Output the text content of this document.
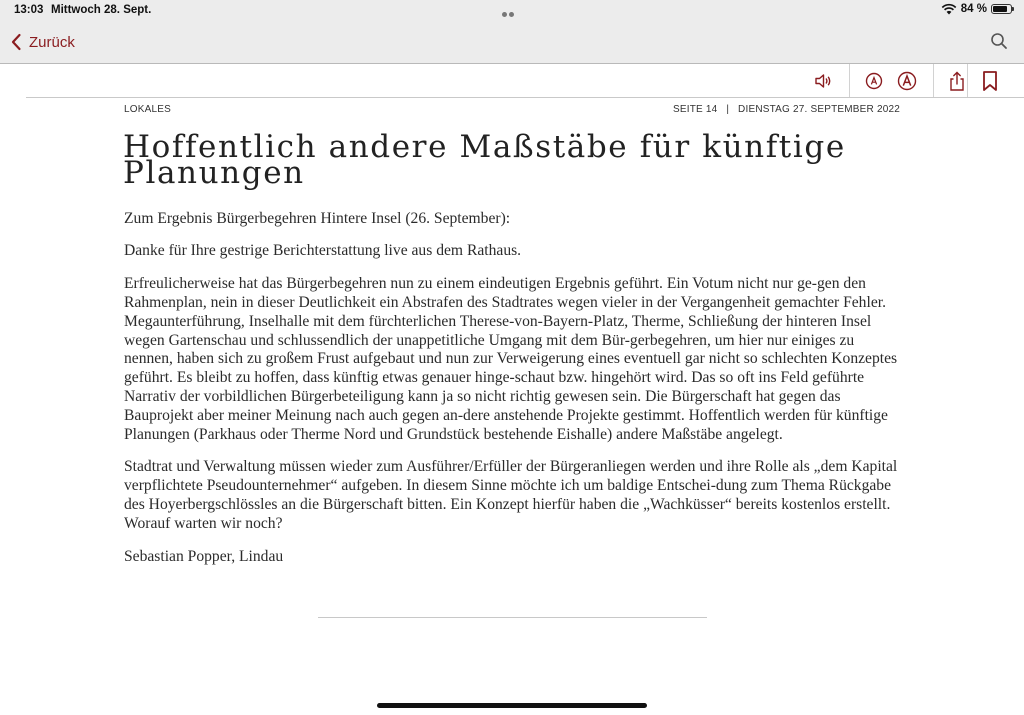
13:03 Mittwoch 28. Sept.	84 %
Zurück
LOKALES	SEITE 14   |   DIENSTAG 27. SEPTEMBER 2022
Hoffentlich andere Maßstäbe für künftige Planungen

Zum Ergebnis Bürgerbegehren Hintere Insel (26. September):

Danke für Ihre gestrige Berichterstattung live aus dem Rathaus.

Erfreulicherweise hat das Bürgerbegehren nun zu einem eindeutigen Ergebnis geführt. Ein Votum nicht nur ge-gen den Rahmenplan, nein in dieser Deutlichkeit ein Abstrafen des Stadtrates wegen vieler in der Vergangenheit gemachter Fehler. Megaunterführung, Inselhalle mit dem fürchterlichen Therese-von-Bayern-Platz, Therme, Schließung der hinteren Insel wegen Gartenschau und schlussendlich der unappetitliche Umgang mit dem Bür-gerbegehren, um hier nur einiges zu nennen, haben sich zu großem Frust aufgebaut und nun zur Verweigerung eines eventuell gar nicht so schlechten Konzeptes geführt. Es bleibt zu hoffen, dass künftig etwas genauer hinge-schaut bzw. hingehört wird. Das so oft ins Feld geführte Narrativ der vorbildlichen Bürgerbeteiligung kann ja so nicht richtig gewesen sein. Die Bürgerschaft hat gegen das Bauprojekt aber meiner Meinung nach auch gegen an-dere anstehende Projekte gestimmt. Hoffentlich werden für künftige Planungen (Parkhaus oder Therme Nord und Grundstück bestehende Eishalle) andere Maßstäbe angelegt.

Stadtrat und Verwaltung müssen wieder zum Ausführer/Erfüller der Bürgeranliegen werden und ihre Rolle als „dem Kapital verpflichtete Pseudounternehmer“ aufgeben. In diesem Sinne möchte ich um baldige Entschei-dung zum Thema Rückgabe des Hoyerbergschlössles an die Bürgerschaft bitten. Ein Konzept hierfür haben die „Wachküsser“ bereits kostenlos erstellt. Worauf warten wir noch?

Sebastian Popper, Lindau
